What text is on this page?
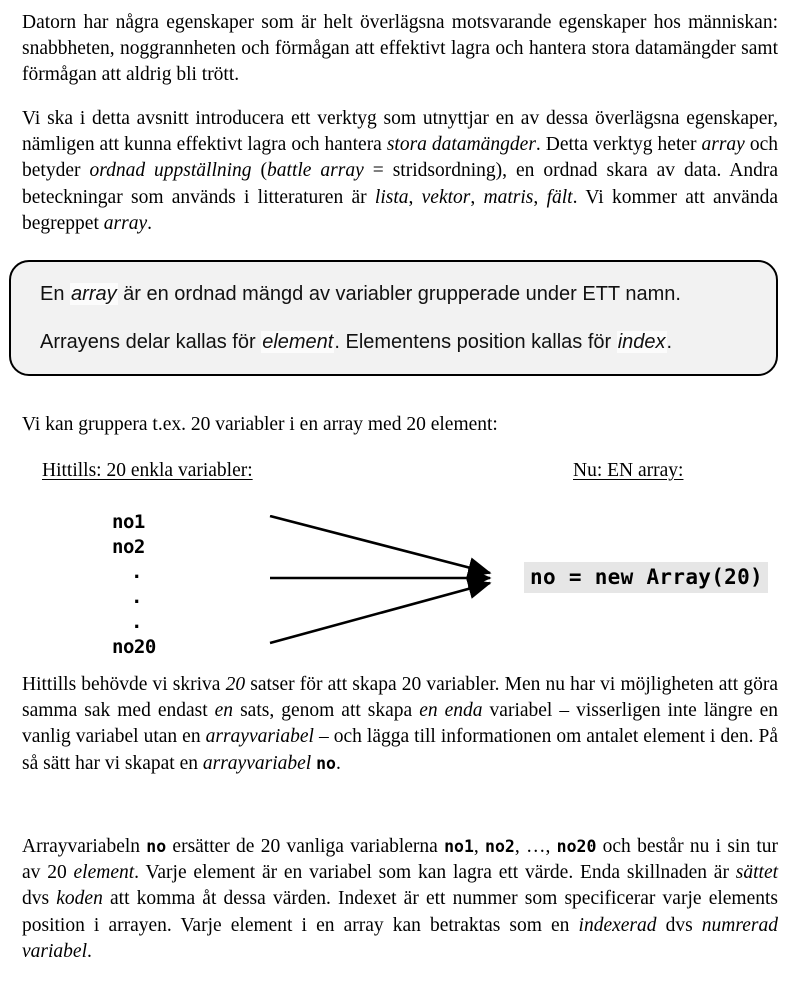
Datorn har några egenskaper som är helt överlägsna motsvarande egenskaper hos människan: snabbheten, noggrannheten och förmågan att effektivt lagra och hantera stora datamängder samt förmågan att aldrig bli trött.
Vi ska i detta avsnitt introducera ett verktyg som utnyttjar en av dessa överlägsna egenskaper, nämligen att kunna effektivt lagra och hantera stora datamängder. Detta verktyg heter array och betyder ordnad uppställning (battle array = stridsordning), en ordnad skara av data. Andra beteckningar som används i litteraturen är lista, vektor, matris, fält. Vi kommer att använda begreppet array.
En array är en ordnad mängd av variabler grupperade under ETT namn.
Arrayens delar kallas för element. Elementens position kallas för index.
Vi kan gruppera t.ex. 20 variabler i en array med 20 element:
Hittills: 20 enkla variabler:	Nu: EN array:
no1
no2
.
.
.
no20
no = new Array(20)
Hittills behövde vi skriva 20 satser för att skapa 20 variabler. Men nu har vi möjligheten att göra samma sak med endast en sats, genom att skapa en enda variabel – visserligen inte längre en vanlig variabel utan en arrayvariabel – och lägga till informationen om antalet element i den. På så sätt har vi skapat en arrayvariabel no.
Arrayvariabeln no ersätter de 20 vanliga variablerna no1, no2, …, no20 och består nu i sin tur av 20 element. Varje element är en variabel som kan lagra ett värde. Enda skillnaden är sättet dvs koden att komma åt dessa värden. Indexet är ett nummer som specificerar varje elements position i arrayen. Varje element i en array kan betraktas som en indexerad dvs numrerad variabel.
